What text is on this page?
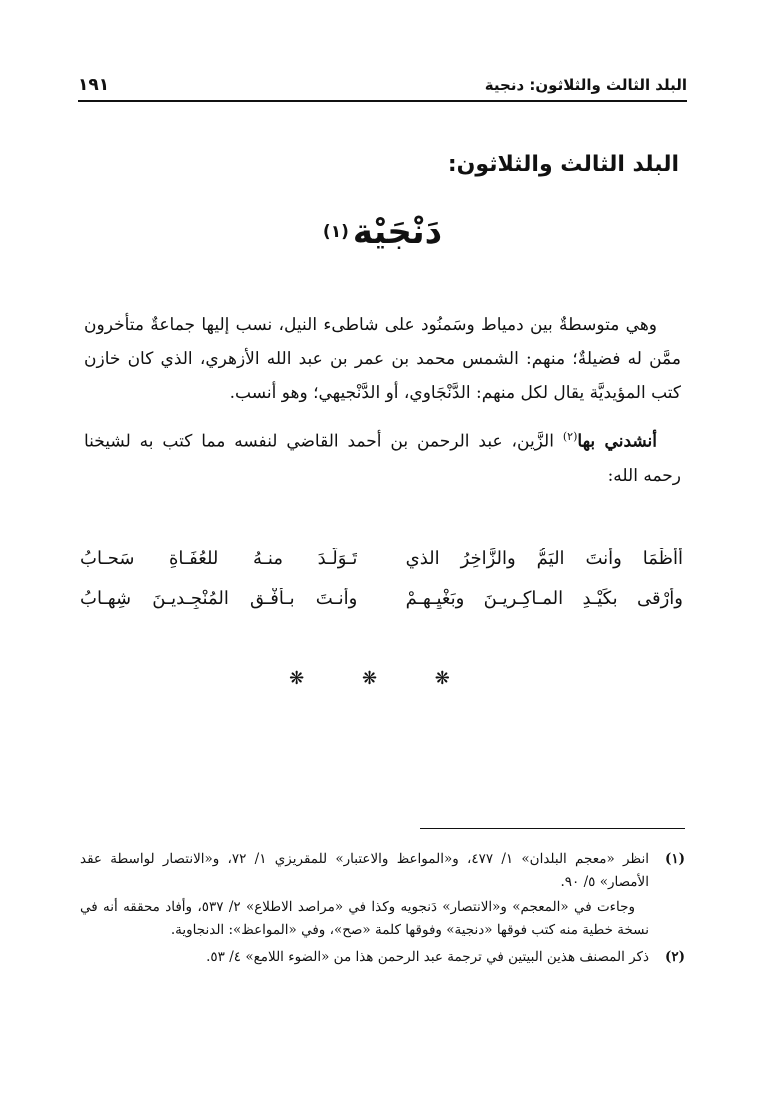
البلد الثالث والثلاثون: دنجية
١٩١
البلد الثالث والثلاثون:
دَنْجَيْة(١)

وهي متوسطةٌ بين دمياط وسَمنُود على شاطىء النيل، نسب إليها جماعةٌ متأخرون ممَّن له فضيلةٌ؛ منهم: الشمس محمد بن عمر بن عبد الله الأزهري، الذي كان خازن كتب المؤيديَّة يقال لكل منهم: الدَّنْجَاوي، أو الدَّنْجيهي؛ وهو أنسب.

أنشدني بها$^{(٢)}$ الزَّين، عبد الرحمن بن أحمد القاضي لنفسه مما كتب به لشيخنا رحمه الله:

أَأظْمَا وأنتَ اليَمُّ والزَّاخِرُ الذي
تَـوَلَّـدَ منـهُ للعُفَـاةِ سَحـابُ
وأرْقى بكَيْـدِ المـاكِـريـنَ وبَغْيِـهـمْ
وأنـتَ بـأُفْـقِ المُنْجِـديـنَ شِهـابُ
❋ ❋ ❋
(١)
انظر «معجم البلدان» ١/ ٤٧٧، و«المواعظ والاعتبار» للمقريزي ١/ ٧٢، و«الانتصار لواسطة عقد الأمصار» ٥/ ٩٠.
وجاءت في «المعجم» و«الانتصار» دَنجويه وكذا في «مراصد الاطلاع» ٢/ ٥٣٧، وأفاد محققه أنه في نسخة خطية منه كتب فوقها «دنجية» وفوقها كلمة «صح»، وفي «المواعظ»: الدنجاوية.
(٢)
ذكر المصنف هذين البيتين في ترجمة عبد الرحمن هذا من «الضوء اللامع» ٤/ ٥٣.
